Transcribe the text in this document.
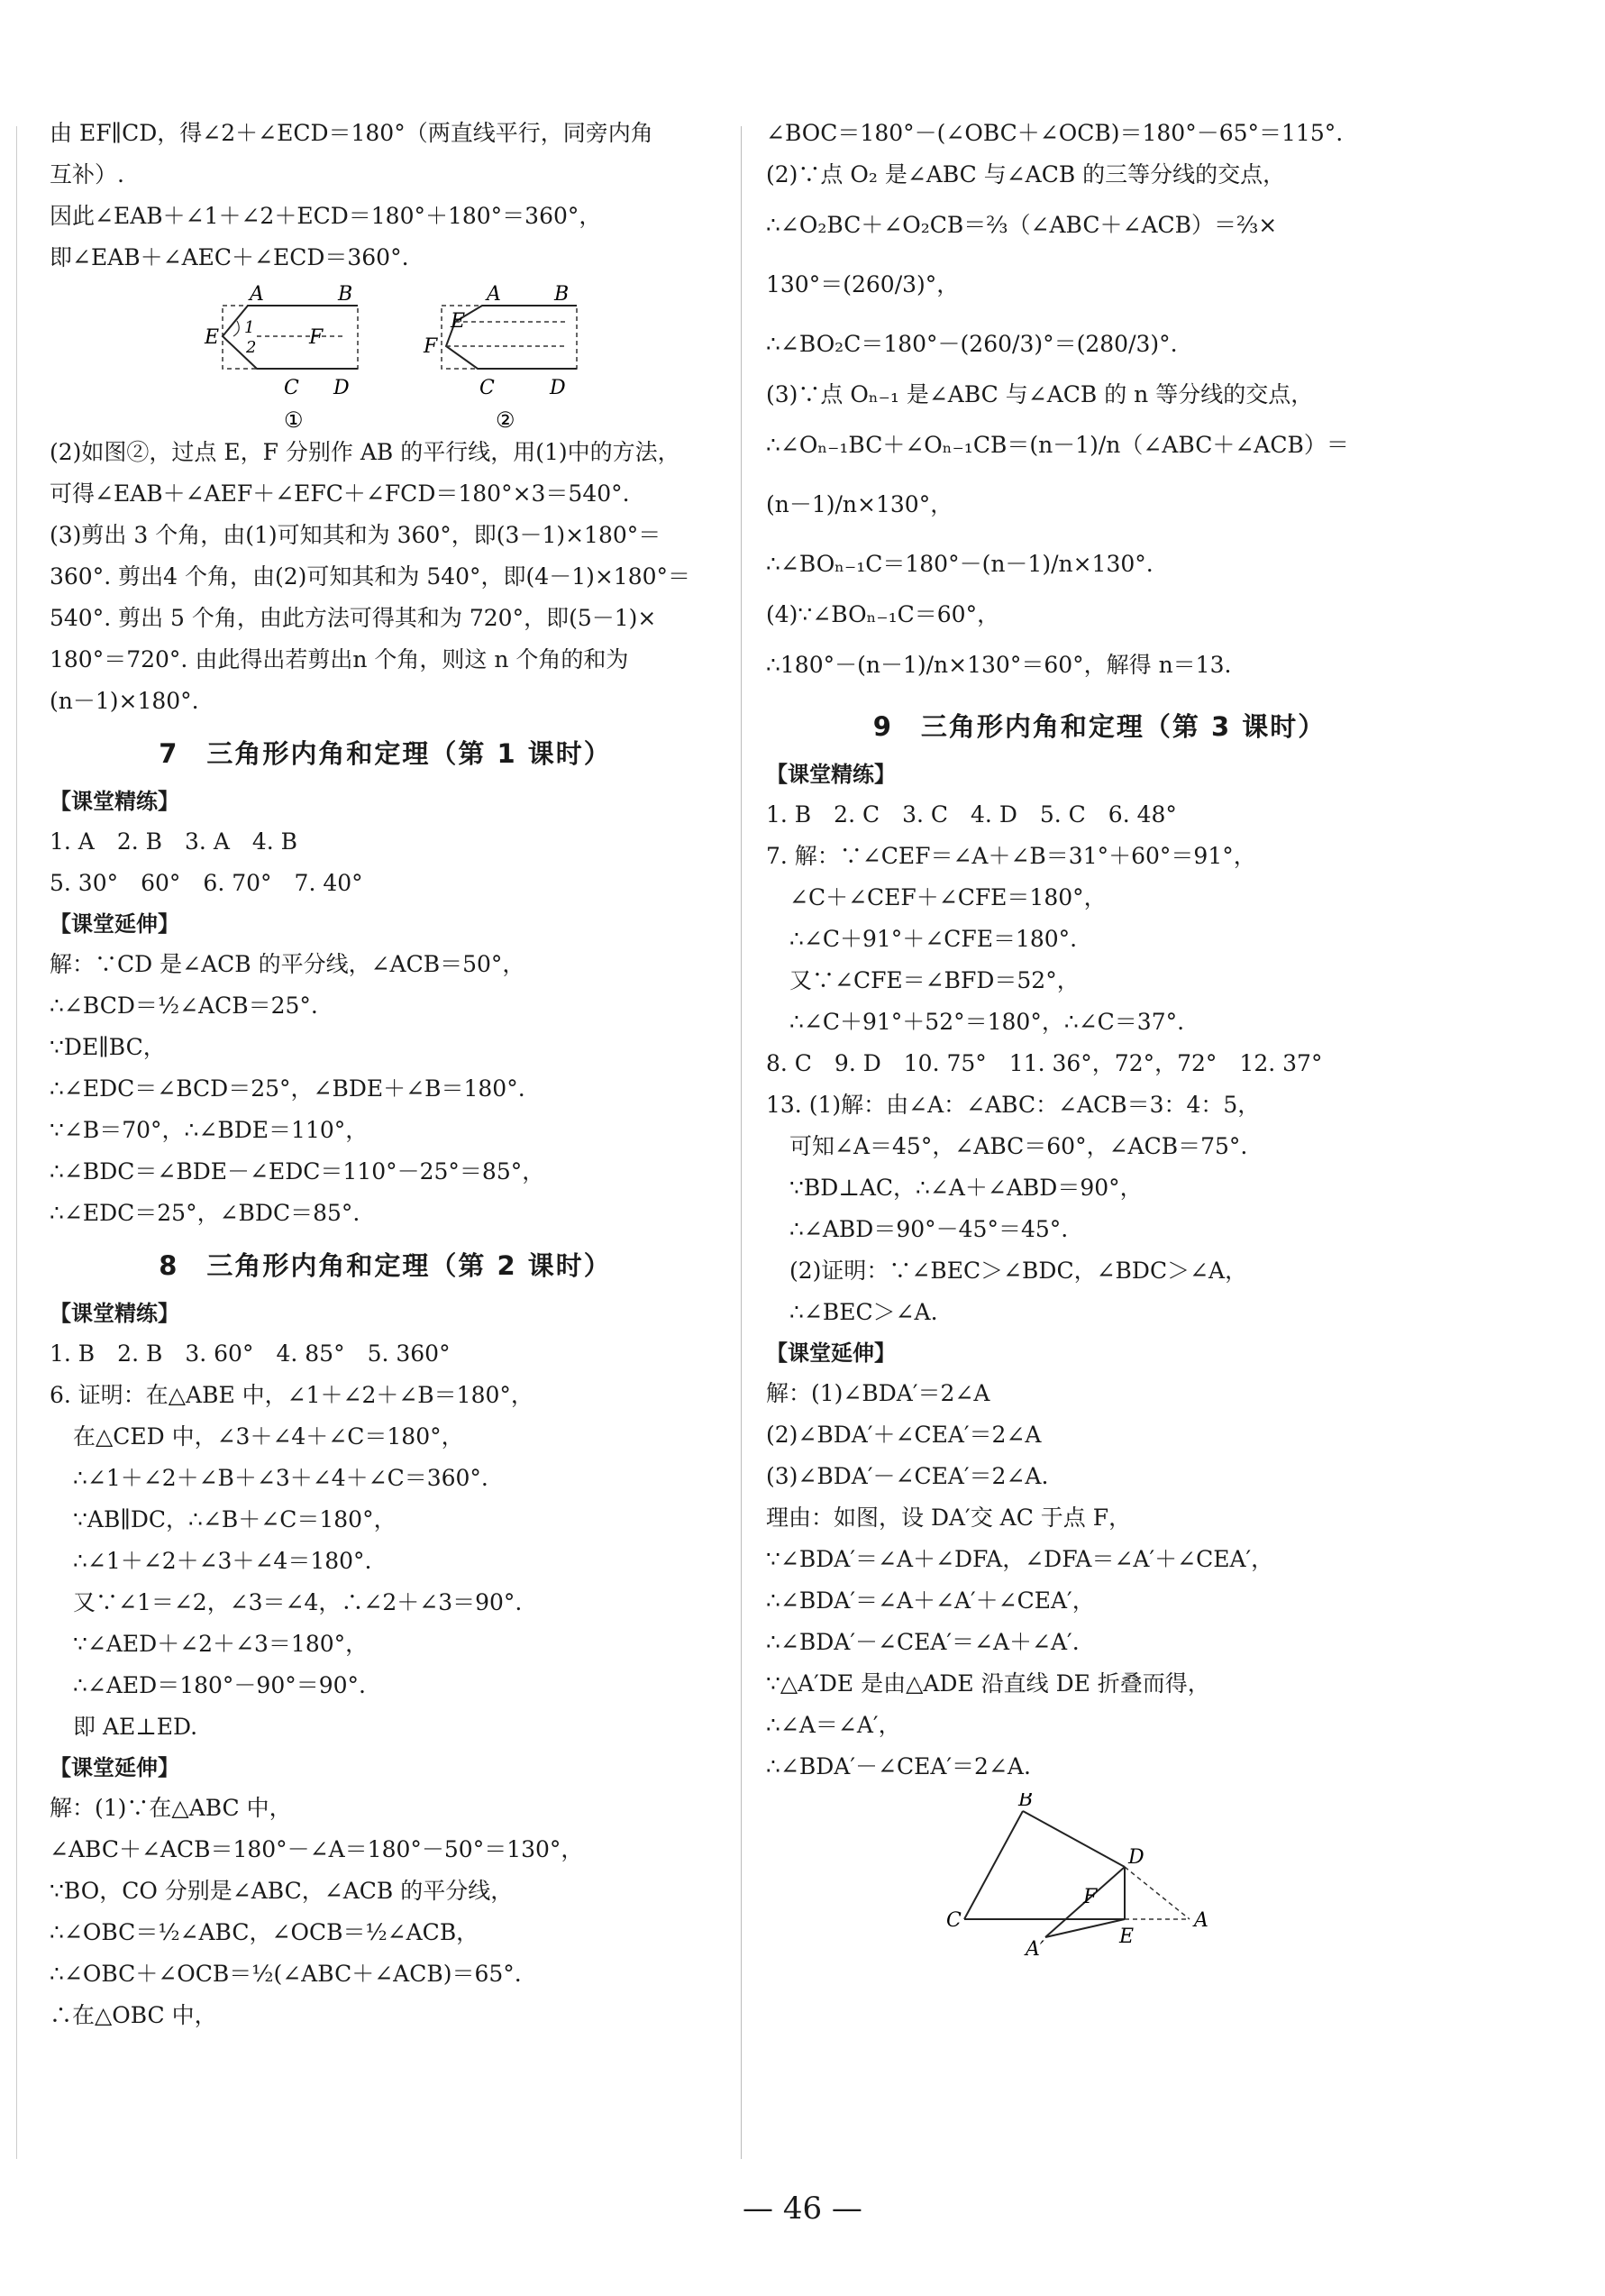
由 EF∥CD，得∠2＋∠ECD＝180°（两直线平行，同旁内角
互补）.
因此∠EAB＋∠1＋∠2＋ECD＝180°＋180°＝360°，
即∠EAB＋∠AEC＋∠ECD＝360°.
A	B
E 1
2	F
C D
①
A	B
E
F
C	D
②
(2)如图②，过点 E，F 分别作 AB 的平行线，用(1)中的方法，
可得∠EAB＋∠AEF＋∠EFC＋∠FCD＝180°×3＝540°.
(3)剪出 3 个角，由(1)可知其和为 360°，即(3－1)×180°＝
360°. 剪出4 个角，由(2)可知其和为 540°，即(4－1)×180°＝
540°. 剪出 5 个角，由此方法可得其和为 720°，即(5－1)×
180°＝720°. 由此得出若剪出n 个角，则这 n 个角的和为
(n－1)×180°.
7　三角形内角和定理（第 1 课时）
【课堂精练】
1. A　2. B　3. A　4. B
5. 30°　60°　6. 70°　7. 40°
【课堂延伸】
解：∵CD 是∠ACB 的平分线，∠ACB＝50°，
∴∠BCD＝½∠ACB＝25°.
∵DE∥BC，
∴∠EDC＝∠BCD＝25°，∠BDE＋∠B＝180°.
∵∠B＝70°，∴∠BDE＝110°，
∴∠BDC＝∠BDE－∠EDC＝110°－25°＝85°，
∴∠EDC＝25°，∠BDC＝85°.
8　三角形内角和定理（第 2 课时）
【课堂精练】
1. B　2. B　3. 60°　4. 85°　5. 360°
6. 证明：在△ABE 中，∠1＋∠2＋∠B＝180°，
在△CED 中，∠3＋∠4＋∠C＝180°，
∴∠1＋∠2＋∠B＋∠3＋∠4＋∠C＝360°.
∵AB∥DC，∴∠B＋∠C＝180°，
∴∠1＋∠2＋∠3＋∠4＝180°.
又∵∠1＝∠2，∠3＝∠4，∴∠2＋∠3＝90°.
∵∠AED＋∠2＋∠3＝180°，
∴∠AED＝180°－90°＝90°.
即 AE⊥ED.
【课堂延伸】
解：(1)∵在△ABC 中，
∠ABC＋∠ACB＝180°－∠A＝180°－50°＝130°，
∵BO，CO 分别是∠ABC，∠ACB 的平分线，
∴∠OBC＝½∠ABC，∠OCB＝½∠ACB，
∴∠OBC＋∠OCB＝½(∠ABC＋∠ACB)＝65°.
∴在△OBC 中，
∠BOC＝180°－(∠OBC＋∠OCB)＝180°－65°＝115°.
(2)∵点 O₂ 是∠ABC 与∠ACB 的三等分线的交点，
∴∠O₂BC＋∠O₂CB＝⅔（∠ABC＋∠ACB）＝⅔×
130°＝(260/3)°，
∴∠BO₂C＝180°－(260/3)°＝(280/3)°.
(3)∵点 Oₙ₋₁ 是∠ABC 与∠ACB 的 n 等分线的交点，
∴∠Oₙ₋₁BC＋∠Oₙ₋₁CB＝(n－1)/n（∠ABC＋∠ACB）＝
(n－1)/n×130°，
∴∠BOₙ₋₁C＝180°－(n－1)/n×130°.
(4)∵∠BOₙ₋₁C＝60°，
∴180°－(n－1)/n×130°＝60°，解得 n＝13.
9　三角形内角和定理（第 3 课时）
【课堂精练】
1. B　2. C　3. C　4. D　5. C　6. 48°
7. 解：∵∠CEF＝∠A＋∠B＝31°＋60°＝91°，
∠C＋∠CEF＋∠CFE＝180°，
∴∠C＋91°＋∠CFE＝180°.
又∵∠CFE＝∠BFD＝52°，
∴∠C＋91°＋52°＝180°，∴∠C＝37°.
8. C　9. D　10. 75°　11. 36°，72°，72°　12. 37°
13. (1)解：由∠A：∠ABC：∠ACB＝3：4：5，
可知∠A＝45°，∠ABC＝60°，∠ACB＝75°.
∵BD⊥AC，∴∠A＋∠ABD＝90°，
∴∠ABD＝90°－45°＝45°.
(2)证明：∵∠BEC＞∠BDC，∠BDC＞∠A，
∴∠BEC＞∠A.
【课堂延伸】
解：(1)∠BDA′＝2∠A
(2)∠BDA′＋∠CEA′＝2∠A
(3)∠BDA′－∠CEA′＝2∠A.
理由：如图，设 DA′交 AC 于点 F，
∵∠BDA′＝∠A＋∠DFA，∠DFA＝∠A′＋∠CEA′，
∴∠BDA′＝∠A＋∠A′＋∠CEA′，
∴∠BDA′－∠CEA′＝∠A＋∠A′.
∵△A′DE 是由△ADE 沿直线 DE 折叠而得，
∴∠A＝∠A′，
∴∠BDA′－∠CEA′＝2∠A.
B
D
F
C
E
A
A′
— 46 —
